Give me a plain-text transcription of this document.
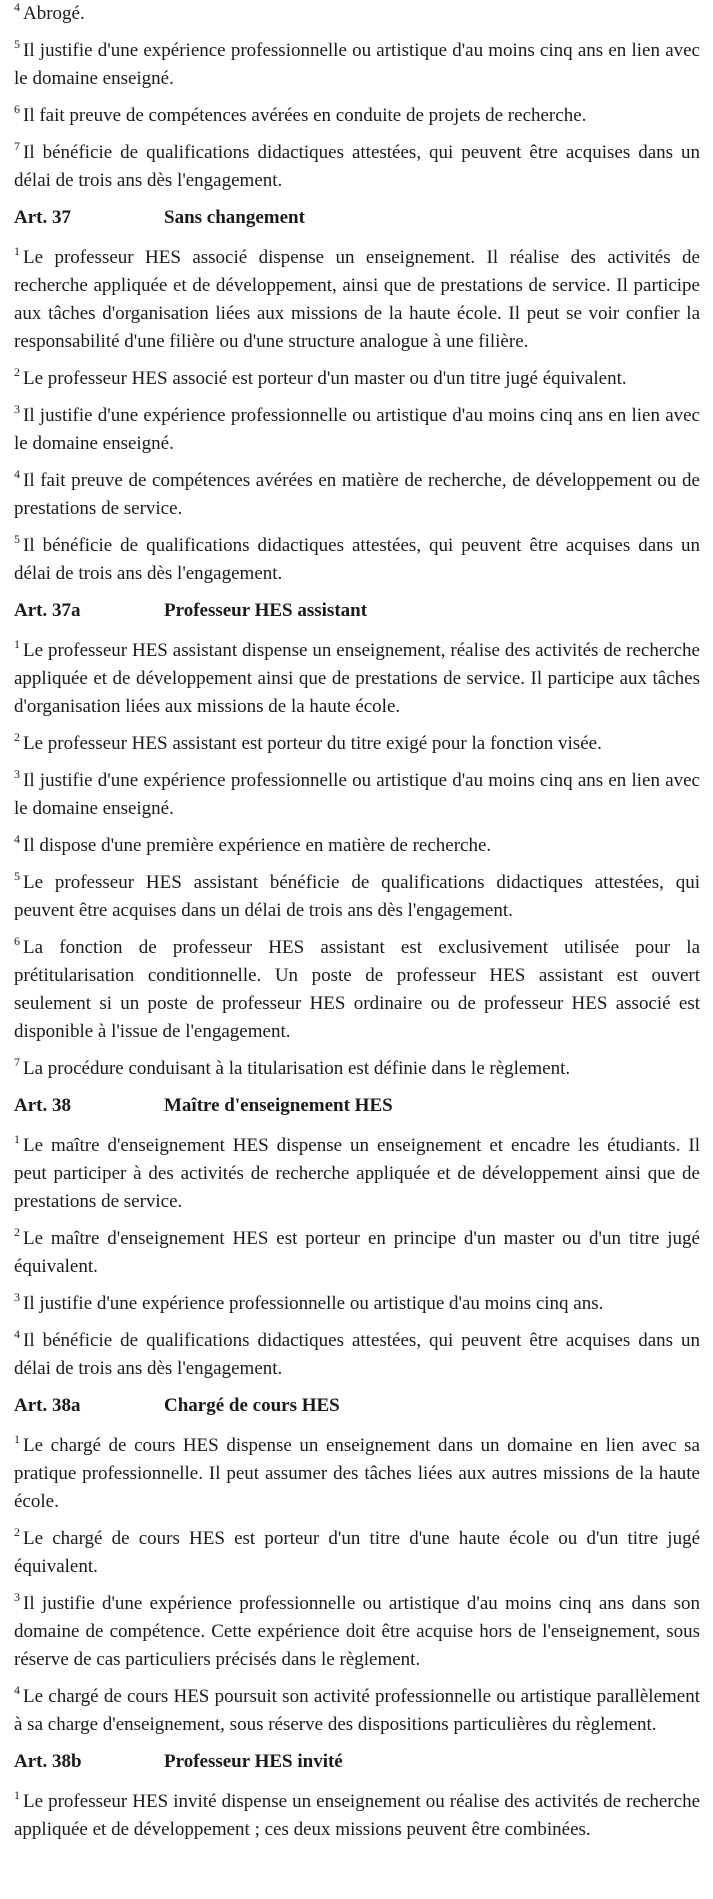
$^4$ Abrogé.

$^5$ Il justifie d'une expérience professionnelle ou artistique d'au moins cinq ans en lien avec le domaine enseigné.

$^6$ Il fait preuve de compétences avérées en conduite de projets de recherche.

$^7$ Il bénéficie de qualifications didactiques attestées, qui peuvent être acquises dans un délai de trois ans dès l'engagement.

Art. 37	Sans changement

$^1$ Le professeur HES associé dispense un enseignement. Il réalise des activités de recherche appliquée et de développement, ainsi que de prestations de service. Il participe aux tâches d'organisation liées aux missions de la haute école. Il peut se voir confier la responsabilité d'une filière ou d'une structure analogue à une filière.

$^2$ Le professeur HES associé est porteur d'un master ou d'un titre jugé équivalent.

$^3$ Il justifie d'une expérience professionnelle ou artistique d'au moins cinq ans en lien avec le domaine enseigné.

$^4$ Il fait preuve de compétences avérées en matière de recherche, de développement ou de prestations de service.

$^5$ Il bénéficie de qualifications didactiques attestées, qui peuvent être acquises dans un délai de trois ans dès l'engagement.

Art. 37a	Professeur HES assistant

$^1$ Le professeur HES assistant dispense un enseignement, réalise des activités de recherche appliquée et de développement ainsi que de prestations de service. Il participe aux tâches d'organisation liées aux missions de la haute école.

$^2$ Le professeur HES assistant est porteur du titre exigé pour la fonction visée.

$^3$ Il justifie d'une expérience professionnelle ou artistique d'au moins cinq ans en lien avec le domaine enseigné.

$^4$ Il dispose d'une première expérience en matière de recherche.

$^5$ Le professeur HES assistant bénéficie de qualifications didactiques attestées, qui peuvent être acquises dans un délai de trois ans dès l'engagement.

$^6$ La fonction de professeur HES assistant est exclusivement utilisée pour la prétitularisation conditionnelle. Un poste de professeur HES assistant est ouvert seulement si un poste de professeur HES ordinaire ou de professeur HES associé est disponible à l'issue de l'engagement.

$^7$ La procédure conduisant à la titularisation est définie dans le règlement.

Art. 38	Maître d'enseignement HES

$^1$ Le maître d'enseignement HES dispense un enseignement et encadre les étudiants. Il peut participer à des activités de recherche appliquée et de développement ainsi que de prestations de service.

$^2$ Le maître d'enseignement HES est porteur en principe d'un master ou d'un titre jugé équivalent.

$^3$ Il justifie d'une expérience professionnelle ou artistique d'au moins cinq ans.

$^4$ Il bénéficie de qualifications didactiques attestées, qui peuvent être acquises dans un délai de trois ans dès l'engagement.

Art. 38a	Chargé de cours HES

$^1$ Le chargé de cours HES dispense un enseignement dans un domaine en lien avec sa pratique professionnelle. Il peut assumer des tâches liées aux autres missions de la haute école.

$^2$ Le chargé de cours HES est porteur d'un titre d'une haute école ou d'un titre jugé équivalent.

$^3$ Il justifie d'une expérience professionnelle ou artistique d'au moins cinq ans dans son domaine de compétence. Cette expérience doit être acquise hors de l'enseignement, sous réserve de cas particuliers précisés dans le règlement.

$^4$ Le chargé de cours HES poursuit son activité professionnelle ou artistique parallèlement à sa charge d'enseignement, sous réserve des dispositions particulières du règlement.

Art. 38b	Professeur HES invité

$^1$ Le professeur HES invité dispense un enseignement ou réalise des activités de recherche appliquée et de développement ; ces deux missions peuvent être combinées.
